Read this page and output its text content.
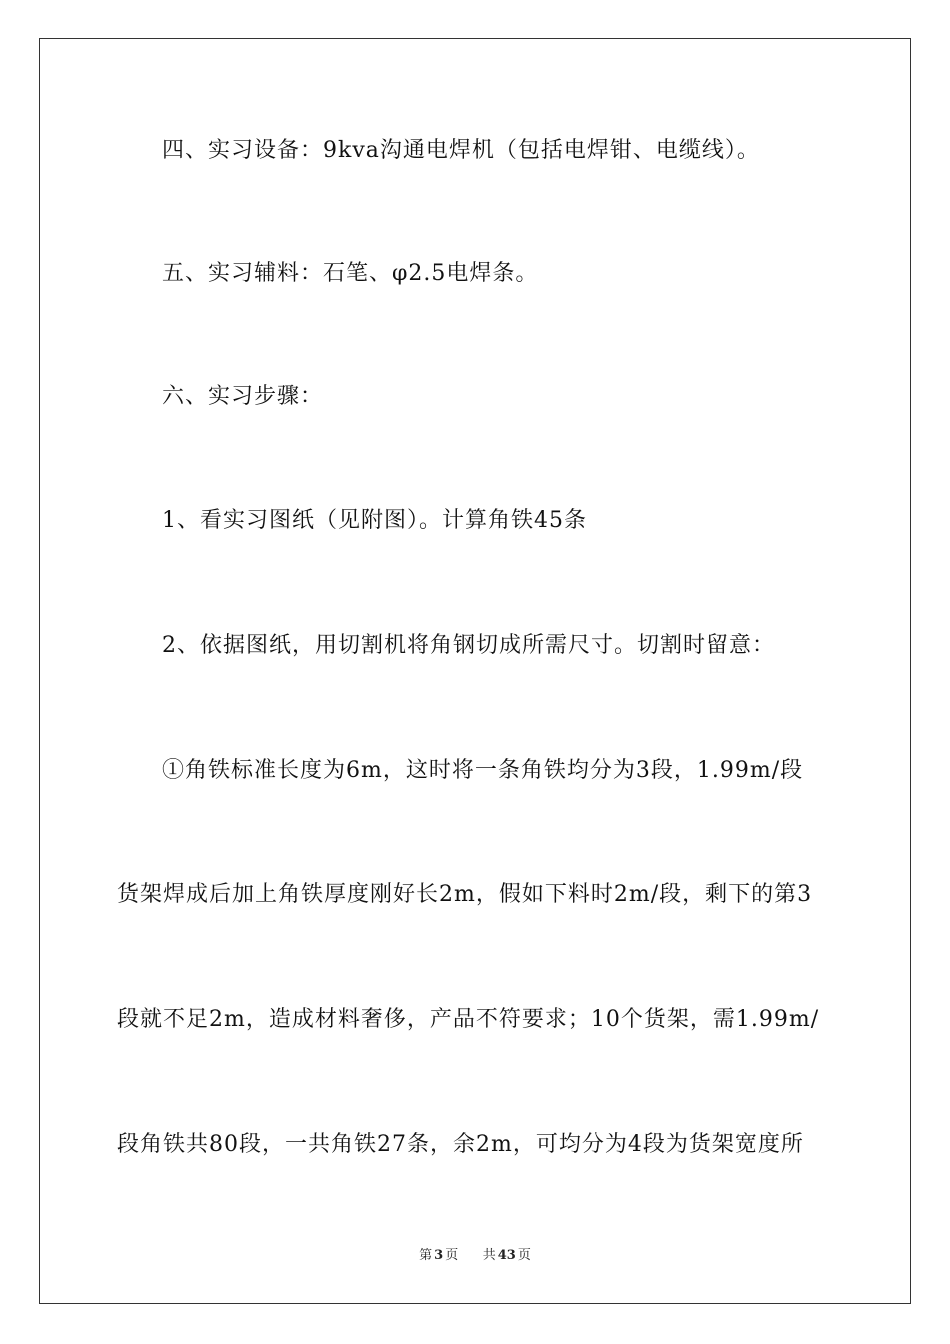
四、实习设备：9kva沟通电焊机（包括电焊钳、电缆线）。
五、实习辅料：石笔、φ2.5电焊条。
六、实习步骤：
1、看实习图纸（见附图）。计算角铁45条
2、依据图纸，用切割机将角钢切成所需尺寸。切割时留意：
①角铁标准长度为6m，这时将一条角铁均分为3段，1.99m/段
货架焊成后加上角铁厚度刚好长2m，假如下料时2m/段，剩下的第3
段就不足2m，造成材料奢侈，产品不符要求；10个货架，需1.99m/
段角铁共80段，一共角铁27条，余2m，可均分为4段为货架宽度所
第 3 页 共 43 页
